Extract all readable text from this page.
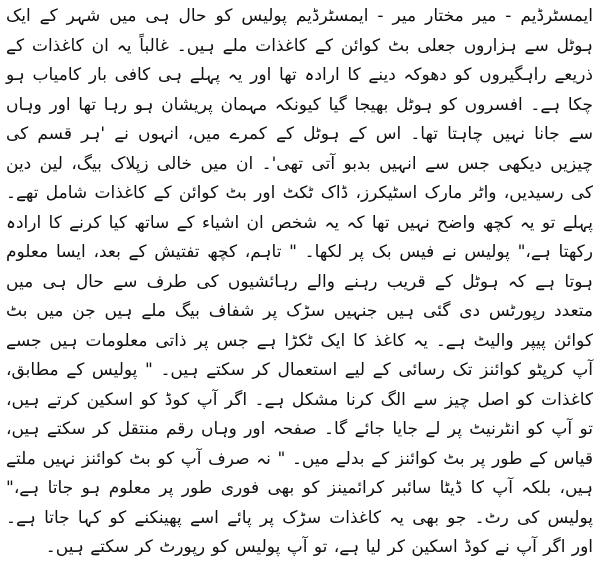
ایمسٹرڈیم - میر مختار میر - ایمسٹرڈیم پولیس کو حال ہی میں شہر کے ایک ہوٹل سے ہزاروں جعلی بٹ کوائن کے کاغذات ملے ہیں۔ غالباً یہ ان کاغذات کے ذریعے راہگیروں کو دھوکہ دینے کا ارادہ تھا اور یہ پہلے ہی کافی بار کامیاب ہو چکا ہے۔ افسروں کو ہوٹل بھیجا گیا کیونکہ مہمان پریشان ہو رہا تھا اور وہاں سے جانا نہیں چاہتا تھا۔ اس کے ہوٹل کے کمرے میں، انہوں نے 'ہر قسم کی چیزیں دیکھی جس سے انہیں بدبو آتی تھی'۔ ان میں خالی زپلاک بیگ، لین دین کی رسیدیں، واٹر مارک اسٹیکرز، ڈاک ٹکٹ اور بٹ کوائن کے کاغذات شامل تھے۔ پہلے تو یہ کچھ واضح نہیں تھا کہ یہ شخص ان اشیاء کے ساتھ کیا کرنے کا ارادہ رکھتا ہے،" پولیس نے فیس بک پر لکھا۔ " تاہم، کچھ تفتیش کے بعد، ایسا معلوم ہوتا ہے کہ ہوٹل کے قریب رہنے والے رہائشیوں کی طرف سے حال ہی میں متعدد رپورٹس دی گئی ہیں جنہیں سڑک پر شفاف بیگ ملے ہیں جن میں بٹ کوائن پیپر والیٹ ہے۔ یہ کاغذ کا ایک ٹکڑا ہے جس پر ذاتی معلومات ہیں جسے آپ کرپٹو کوائنز تک رسائی کے لیے استعمال کر سکتے ہیں۔ " پولیس کے مطابق، کاغذات کو اصل چیز سے الگ کرنا مشکل ہے۔ اگر آپ کوڈ کو اسکین کرتے ہیں، تو آپ کو انٹرنیٹ پر لے جایا جائے گا۔ صفحہ اور وہاں رقم منتقل کر سکتے ہیں، قیاس کے طور پر بٹ کوائنز کے بدلے میں۔ " نہ صرف آپ کو بٹ کوائنز نہیں ملتے ہیں، بلکہ آپ کا ڈیٹا سائبر کرائمینز کو بھی فوری طور پر معلوم ہو جاتا ہے،" پولیس کی رٹ۔ جو بھی یہ کاغذات سڑک پر پائے اسے پھینکنے کو کہا جاتا ہے۔ اور اگر آپ نے کوڈ اسکین کر لیا ہے، تو آپ پولیس کو رپورٹ کر سکتے ہیں۔
